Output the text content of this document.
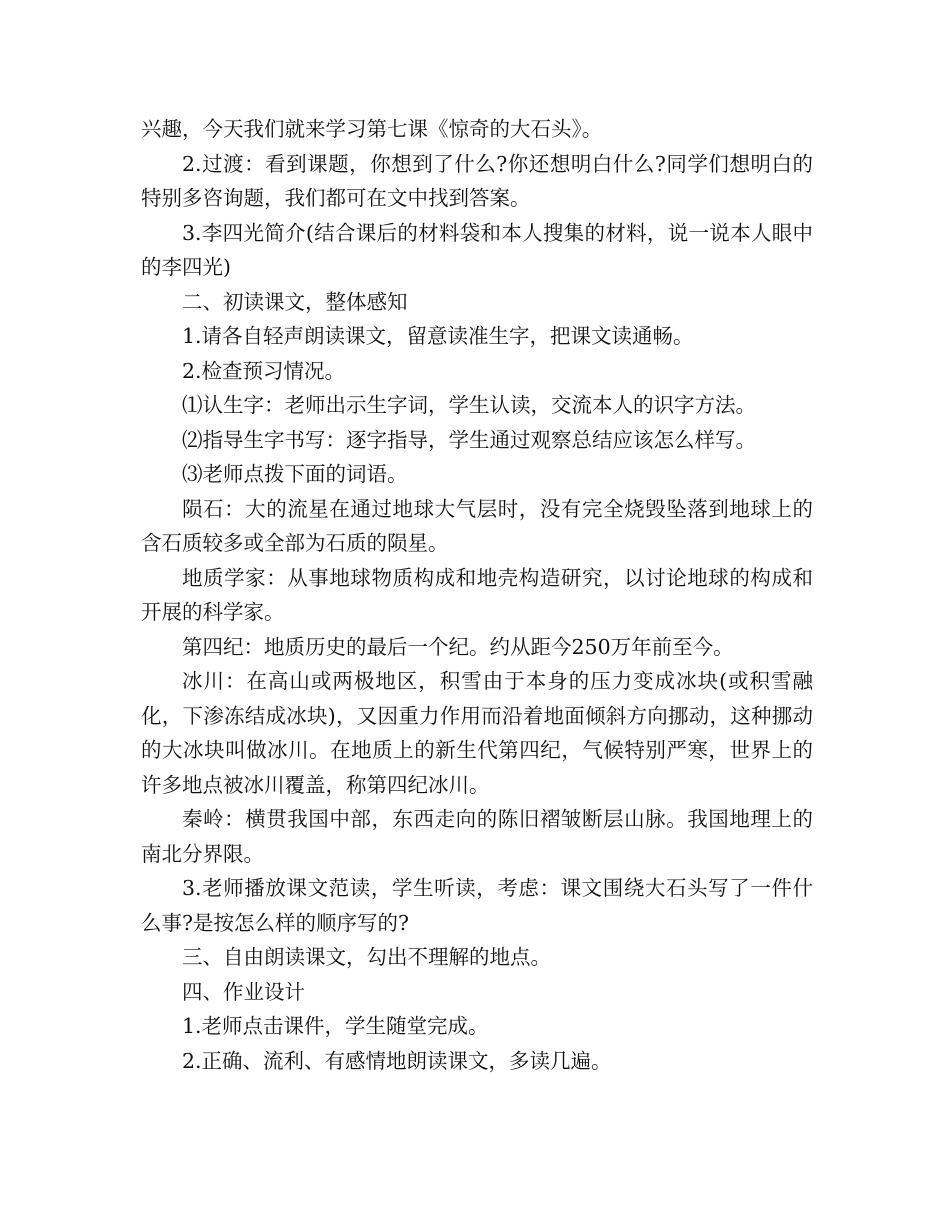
兴趣，今天我们就来学习第七课《惊奇的大石头》。

2.过渡：看到课题，你想到了什么?你还想明白什么?同学们想明白的特别多咨询题，我们都可在文中找到答案。

3.李四光简介(结合课后的材料袋和本人搜集的材料，说一说本人眼中的李四光)

二、初读课文，整体感知

1.请各自轻声朗读课文，留意读准生字，把课文读通畅。

2.检查预习情况。

⑴认生字：老师出示生字词，学生认读，交流本人的识字方法。

⑵指导生字书写：逐字指导，学生通过观察总结应该怎么样写。

⑶老师点拨下面的词语。

陨石：大的流星在通过地球大气层时，没有完全烧毁坠落到地球上的含石质较多或全部为石质的陨星。

地质学家：从事地球物质构成和地壳构造研究，以讨论地球的构成和开展的科学家。

第四纪：地质历史的最后一个纪。约从距今250万年前至今。

冰川：在高山或两极地区，积雪由于本身的压力变成冰块(或积雪融化，下渗冻结成冰块)，又因重力作用而沿着地面倾斜方向挪动，这种挪动的大冰块叫做冰川。在地质上的新生代第四纪，气候特别严寒，世界上的许多地点被冰川覆盖，称第四纪冰川。

秦岭：横贯我国中部，东西走向的陈旧褶皱断层山脉。我国地理上的南北分界限。

3.老师播放课文范读，学生听读，考虑：课文围绕大石头写了一件什么事?是按怎么样的顺序写的?

三、自由朗读课文，勾出不理解的地点。

四、作业设计

1.老师点击课件，学生随堂完成。

2.正确、流利、有感情地朗读课文，多读几遍。
